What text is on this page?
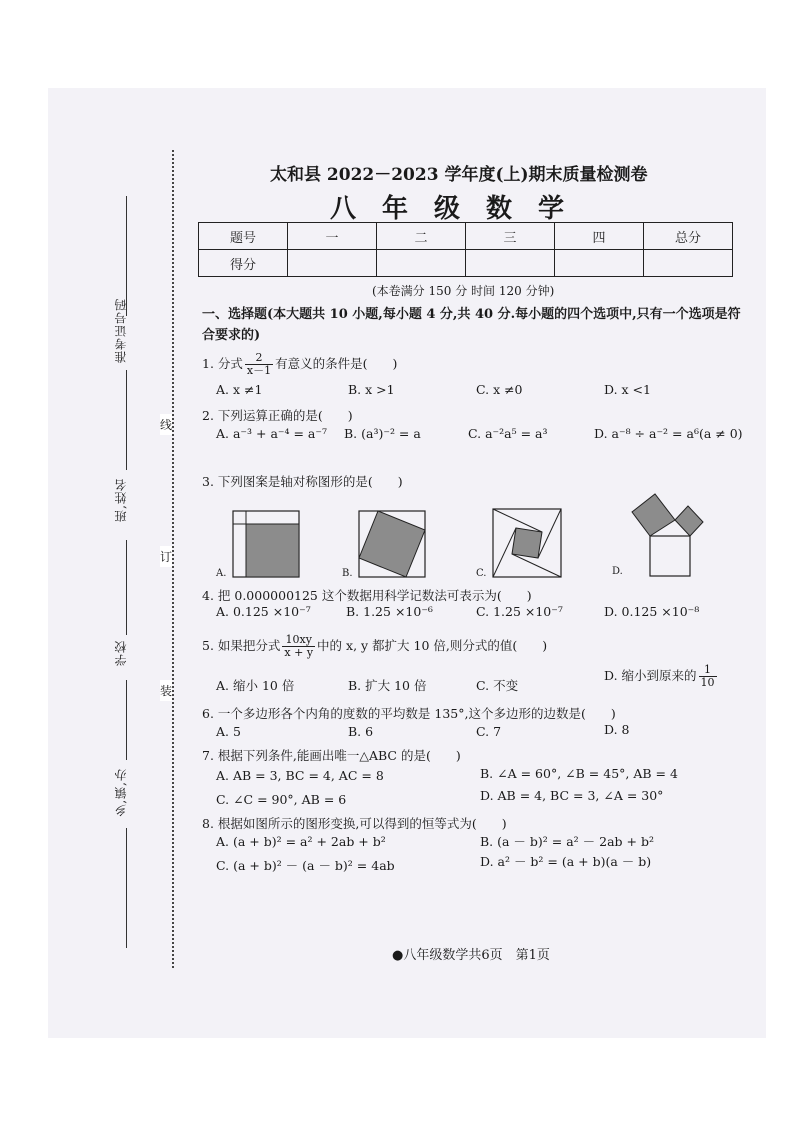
准考证号码
班,姓名
学校
乡,镇,办
线
订
装
太和县 2022－2023 学年度(上)期末质量检测卷
八年级数学
题号	一	二	三	四	总分
得分					
(本卷满分 150 分 时间 120 分钟)
一、选择题(本大题共 10 小题,每小题 4 分,共 40 分.每小题的四个选项中,只有一个选项是符合要求的)
1. 分式 $\frac{2}{x-1}$ 有意义的条件是(　　)
A. x ≠1	B. x >1	C. x ≠0	D. x <1
2. 下列运算正确的是(　　)
A. a⁻³ + a⁻⁴ = a⁻⁷ B. (a³)⁻² = a	C. a⁻²a⁵ = a³	D. a⁻⁸ ÷ a⁻² = a⁶(a ≠ 0)
3. 下列图案是轴对称图形的是(　　)
A.	B.	C.	D.
4. 把 0.000000125 这个数据用科学记数法可表示为(　　)
A. 0.125 ×10⁻⁷	B. 1.25 ×10⁻⁶	C. 1.25 ×10⁻⁷	D. 0.125 ×10⁻⁸
5. 如果把分式 $\frac{10xy}{x + y}$ 中的 x, y 都扩大 10 倍,则分式的值(　　)
A. 缩小 10 倍	B. 扩大 10 倍	C. 不变
D. 缩小到原来的 $\frac{1}{10}$
6. 一个多边形各个内角的度数的平均数是 135°,这个多边形的边数是(　　)
A. 5	B. 6	C. 7	D. 8
7. 根据下列条件,能画出唯一△ABC 的是(　　)
A. AB = 3, BC = 4, AC = 8	B. ∠A = 60°, ∠B = 45°, AB = 4
C. ∠C = 90°, AB = 6	D. AB = 4, BC = 3, ∠A = 30°
8. 根据如图所示的图形变换,可以得到的恒等式为(　　)
A. (a + b)² = a² + 2ab + b²	B. (a － b)² = a² － 2ab + b²
C. (a + b)² － (a － b)² = 4ab	D. a² － b² = (a + b)(a － b)
●八年级数学共6页　第1页
